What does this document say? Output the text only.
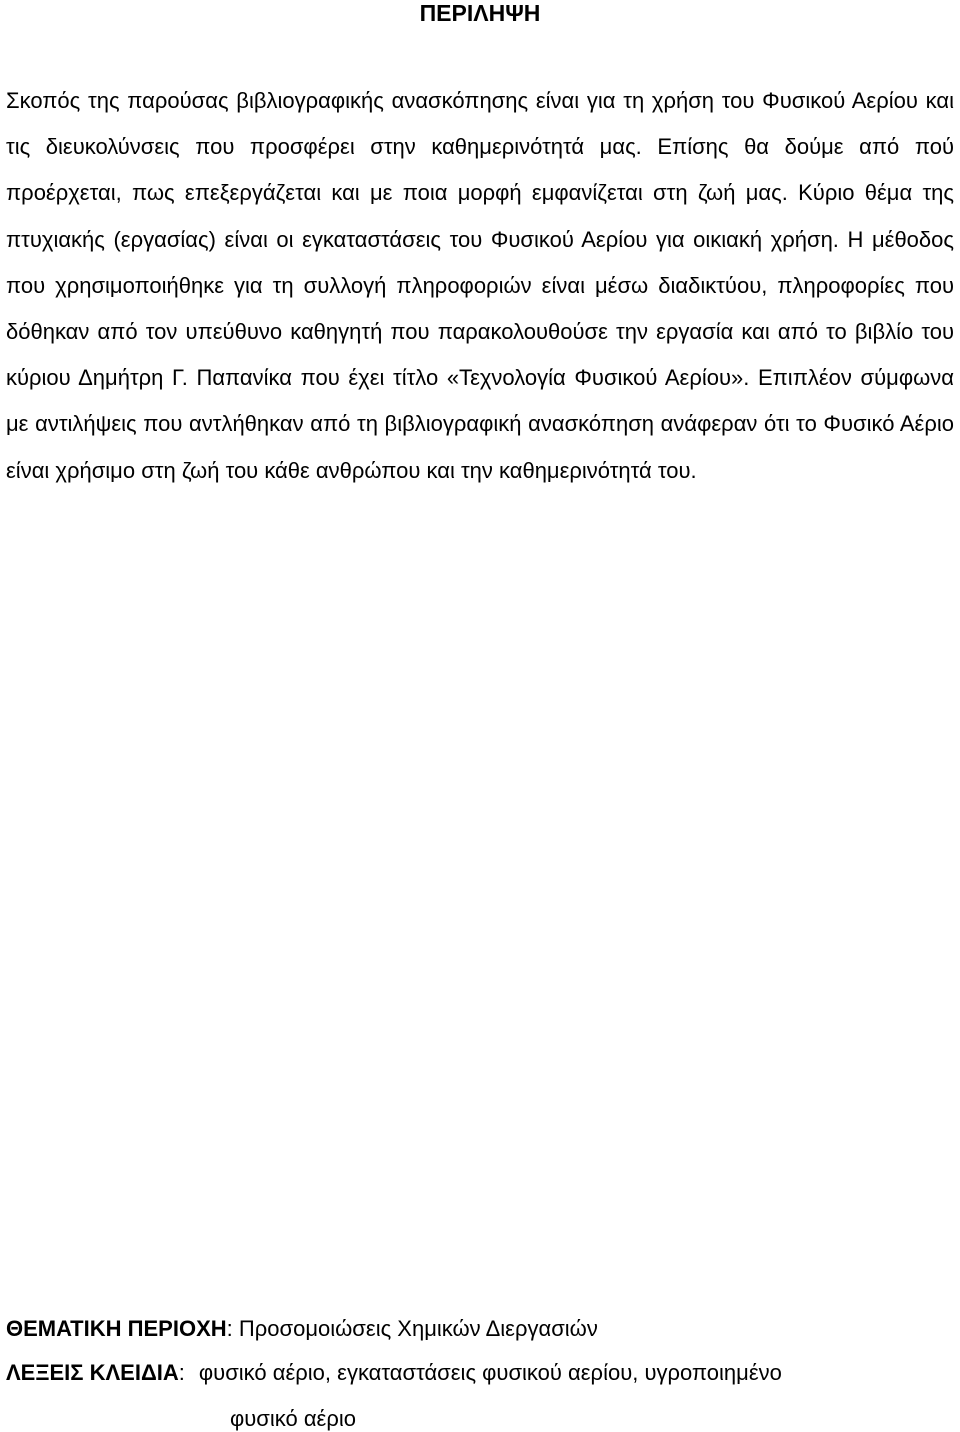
ΠΕΡΙΛΗΨΗ

Σκοπός της παρούσας βιβλιογραφικής ανασκόπησης είναι για τη χρήση του Φυσικού Αερίου και τις διευκολύνσεις που προσφέρει στην καθημερινότητά μας. Επίσης θα δούμε από πού προέρχεται, πως επεξεργάζεται και με ποια μορφή εμφανίζεται στη ζωή μας. Κύριο θέμα της πτυχιακής (εργασίας) είναι οι εγκαταστάσεις του Φυσικού Αερίου για οικιακή χρήση. Η μέθοδος που χρησιμοποιήθηκε για τη συλλογή πληροφοριών είναι μέσω διαδικτύου, πληροφορίες που δόθηκαν από τον υπεύθυνο καθηγητή που παρακολουθούσε την εργασία και από το βιβλίο του κύριου Δημήτρη Γ. Παπανίκα που έχει τίτλο «Τεχνολογία Φυσικού Αερίου». Επιπλέον σύμφωνα με αντιλήψεις που αντλήθηκαν από τη βιβλιογραφική ανασκόπηση ανάφεραν ότι το Φυσικό Αέριο είναι χρήσιμο στη ζωή του κάθε ανθρώπου και την καθημερινότητά του.

ΘΕΜΑΤΙΚΗ ΠΕΡΙΟΧΗ: Προσομοιώσεις Χημικών Διεργασιών

ΛΕΞΕΙΣ ΚΛΕΙΔΙΑ: φυσικό αέριο, εγκαταστάσεις φυσικού αερίου, υγροποιημένο

φυσικό αέριο
